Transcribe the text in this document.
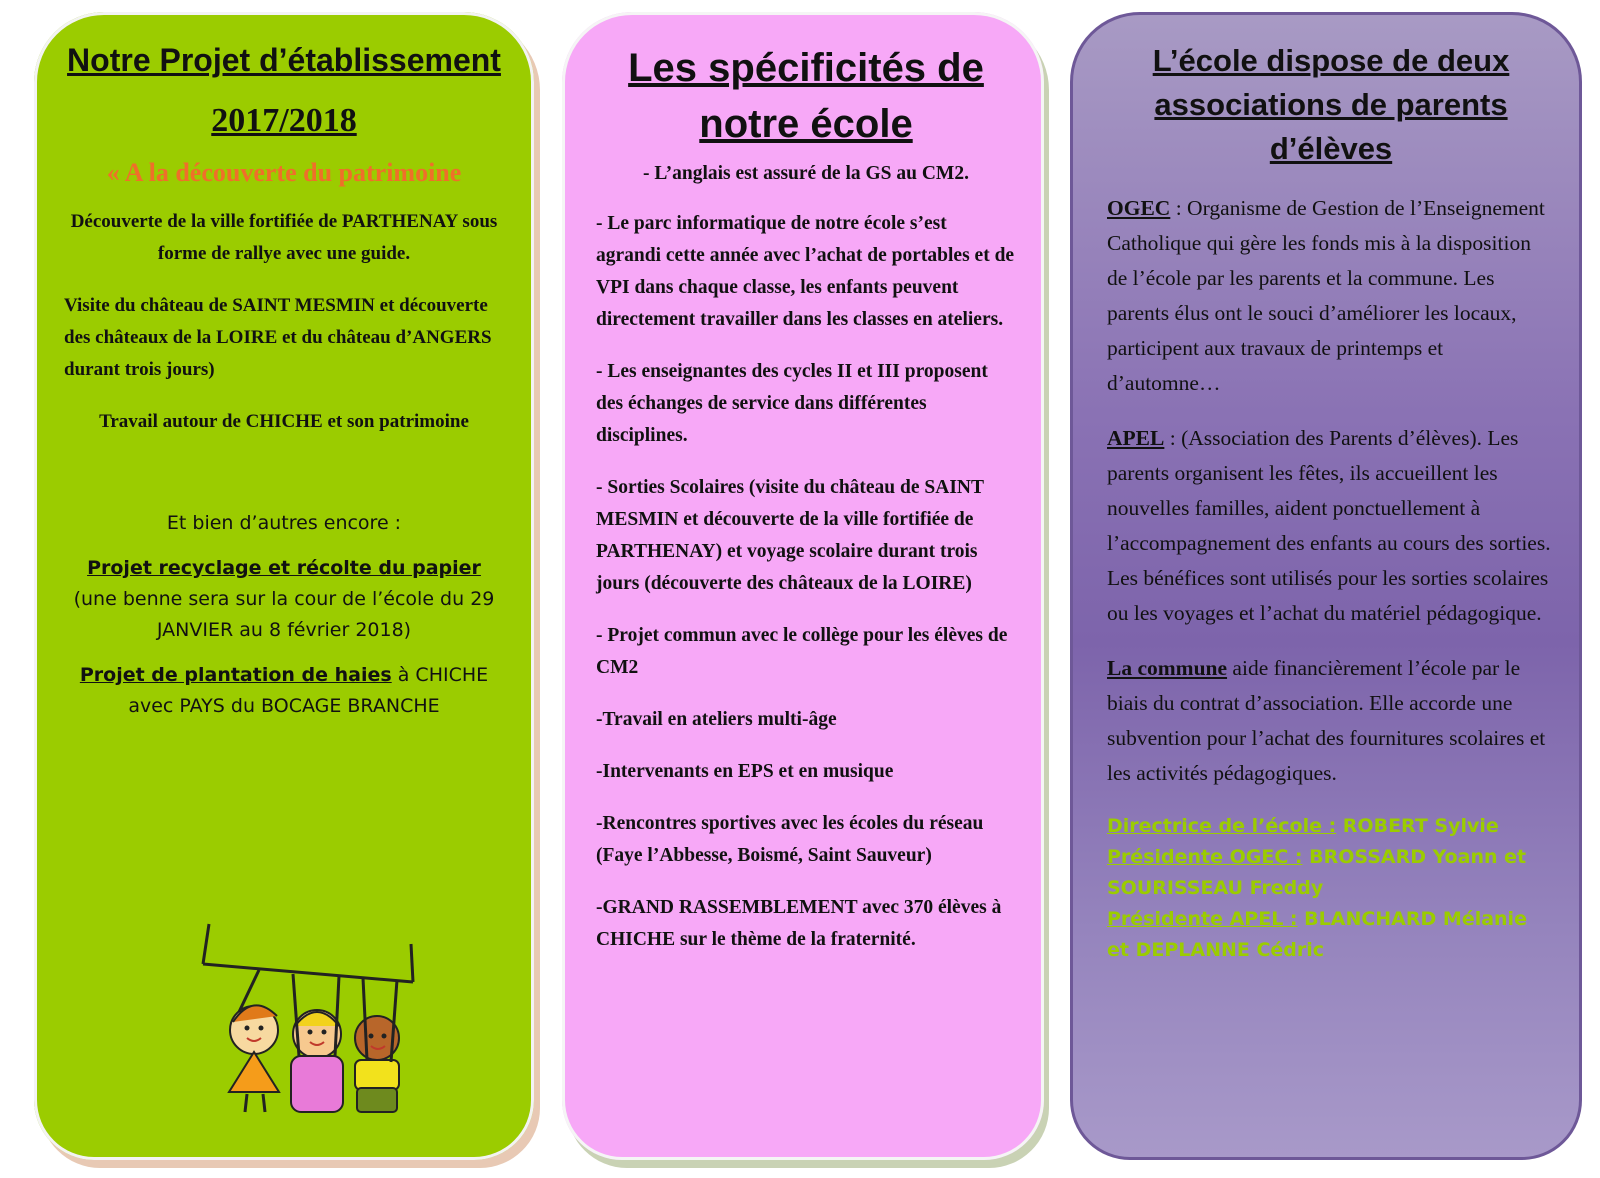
Notre Projet d’établissement
2017/2018
« A la découverte du patrimoine

Découverte de la ville fortifiée de PARTHENAY sous forme de rallye avec une guide.

Visite du château de SAINT MESMIN et découverte des châteaux de la LOIRE et du château d’ANGERS durant trois jours)

Travail autour de CHICHE et son patrimoine

Et bien d’autres encore :

Projet recyclage et récolte du papier
(une benne sera sur la cour de l’école du 29 JANVIER au 8 février 2018)

Projet de plantation de haies à CHICHE avec PAYS du BOCAGE BRANCHE

Les spécificités de notre école
- L’anglais est assuré de la GS au CM2.
- Le parc informatique de notre école s’est agrandi cette année avec l’achat de portables et de VPI dans chaque classe, les enfants peuvent directement travailler dans les classes en ateliers.
- Les enseignantes des cycles II et III proposent des échanges de service dans différentes disciplines.
- Sorties Scolaires (visite du château de SAINT MESMIN et découverte de la ville fortifiée de PARTHENAY) et voyage scolaire durant trois jours (découverte des châteaux de la LOIRE)
- Projet commun avec le collège pour les élèves de CM2
-Travail en ateliers multi-âge
-Intervenants en EPS et en musique
-Rencontres sportives avec les écoles du réseau (Faye l’Abbesse, Boismé, Saint Sauveur)
-GRAND RASSEMBLEMENT avec 370 élèves à CHICHE sur le thème de la fraternité.
L’école dispose de deux associations de parents d’élèves

OGEC : Organisme de Gestion de l’Enseignement Catholique qui gère les fonds mis à la disposition de l’école par les parents et la commune. Les parents élus ont le souci d’améliorer les locaux, participent aux travaux de printemps et d’automne…

APEL : (Association des Parents d’élèves). Les parents organisent les fêtes, ils accueillent les nouvelles familles, aident ponctuellement à l’accompagnement des enfants au cours des sorties. Les bénéfices sont utilisés pour les sorties scolaires ou les voyages et l’achat du matériel pédagogique.

La commune aide financièrement l’école par le biais du contrat d’association. Elle accorde une subvention pour l’achat des fournitures scolaires et les activités pédagogiques.

Directrice de l’école : ROBERT Sylvie

Présidente OGEC : BROSSARD Yoann et SOURISSEAU Freddy

Présidente APEL : BLANCHARD Mélanie et DEPLANNE Cédric
